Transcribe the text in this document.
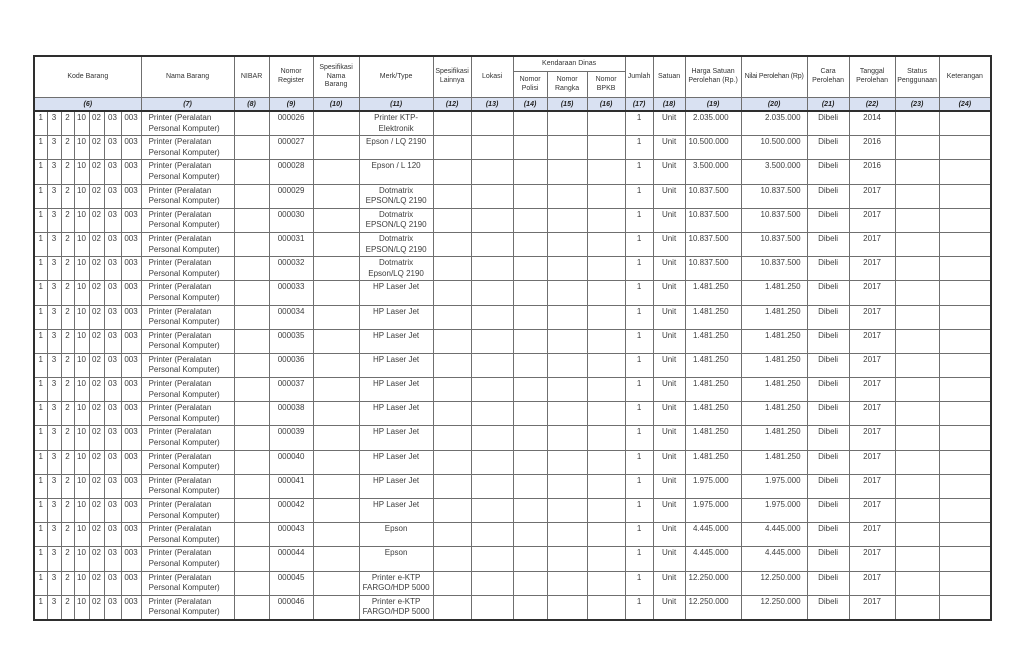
Kode Barang							Nama Barang	NIBAR	Nomor Register	Spesifikasi Nama Barang	Merk/Type	Spesifikasi Lainnya	Lokasi	Kendaraan Dinas			Jumlah	Satuan	Harga Satuan Perolehan (Rp.)	Nilai Perolehan (Rp)	Cara Perolehan	Tanggal Perolehan	Status Penggunaan	Keterangan
														Nomor Polisi	Nomor Rangka	Nomor BPKB								
(6)							(7)	(8)	(9)	(10)	(11)	(12)	(13)	(14)	(15)	(16)	(17)	(18)	(19)	(20)	(21)	(22)	(23)	(24)
1	3	2	10	02	03	003	Printer (Peralatan Personal Komputer)		000026		Printer KTP-Elektronik						1	Unit	2.035.000	2.035.000	Dibeli	2014		
1	3	2	10	02	03	003	Printer (Peralatan Personal Komputer)		000027		Epson / LQ 2190						1	Unit	10.500.000	10.500.000	Dibeli	2016		
1	3	2	10	02	03	003	Printer (Peralatan Personal Komputer)		000028		Epson / L 120						1	Unit	3.500.000	3.500.000	Dibeli	2016		
1	3	2	10	02	03	003	Printer (Peralatan Personal Komputer)		000029		Dotmatrix EPSON/LQ 2190						1	Unit	10.837.500	10.837.500	Dibeli	2017		
1	3	2	10	02	03	003	Printer (Peralatan Personal Komputer)		000030		Dotmatrix EPSON/LQ 2190						1	Unit	10.837.500	10.837.500	Dibeli	2017		
1	3	2	10	02	03	003	Printer (Peralatan Personal Komputer)		000031		Dotmatrix EPSON/LQ 2190						1	Unit	10.837.500	10.837.500	Dibeli	2017		
1	3	2	10	02	03	003	Printer (Peralatan Personal Komputer)		000032		Dotmatrix Epson/LQ 2190						1	Unit	10.837.500	10.837.500	Dibeli	2017		
1	3	2	10	02	03	003	Printer (Peralatan Personal Komputer)		000033		HP Laser Jet						1	Unit	1.481.250	1.481.250	Dibeli	2017		
1	3	2	10	02	03	003	Printer (Peralatan Personal Komputer)		000034		HP Laser Jet						1	Unit	1.481.250	1.481.250	Dibeli	2017		
1	3	2	10	02	03	003	Printer (Peralatan Personal Komputer)		000035		HP Laser Jet						1	Unit	1.481.250	1.481.250	Dibeli	2017		
1	3	2	10	02	03	003	Printer (Peralatan Personal Komputer)		000036		HP Laser Jet						1	Unit	1.481.250	1.481.250	Dibeli	2017		
1	3	2	10	02	03	003	Printer (Peralatan Personal Komputer)		000037		HP Laser Jet						1	Unit	1.481.250	1.481.250	Dibeli	2017		
1	3	2	10	02	03	003	Printer (Peralatan Personal Komputer)		000038		HP Laser Jet						1	Unit	1.481.250	1.481.250	Dibeli	2017		
1	3	2	10	02	03	003	Printer (Peralatan Personal Komputer)		000039		HP Laser Jet						1	Unit	1.481.250	1.481.250	Dibeli	2017		
1	3	2	10	02	03	003	Printer (Peralatan Personal Komputer)		000040		HP Laser Jet						1	Unit	1.481.250	1.481.250	Dibeli	2017		
1	3	2	10	02	03	003	Printer (Peralatan Personal Komputer)		000041		HP Laser Jet						1	Unit	1.975.000	1.975.000	Dibeli	2017		
1	3	2	10	02	03	003	Printer (Peralatan Personal Komputer)		000042		HP Laser Jet						1	Unit	1.975.000	1.975.000	Dibeli	2017		
1	3	2	10	02	03	003	Printer (Peralatan Personal Komputer)		000043		Epson						1	Unit	4.445.000	4.445.000	Dibeli	2017		
1	3	2	10	02	03	003	Printer (Peralatan Personal Komputer)		000044		Epson						1	Unit	4.445.000	4.445.000	Dibeli	2017		
1	3	2	10	02	03	003	Printer (Peralatan Personal Komputer)		000045		Printer e-KTP FARGO/HDP 5000						1	Unit	12.250.000	12.250.000	Dibeli	2017		
1	3	2	10	02	03	003	Printer (Peralatan Personal Komputer)		000046		Printer e-KTP FARGO/HDP 5000						1	Unit	12.250.000	12.250.000	Dibeli	2017		
